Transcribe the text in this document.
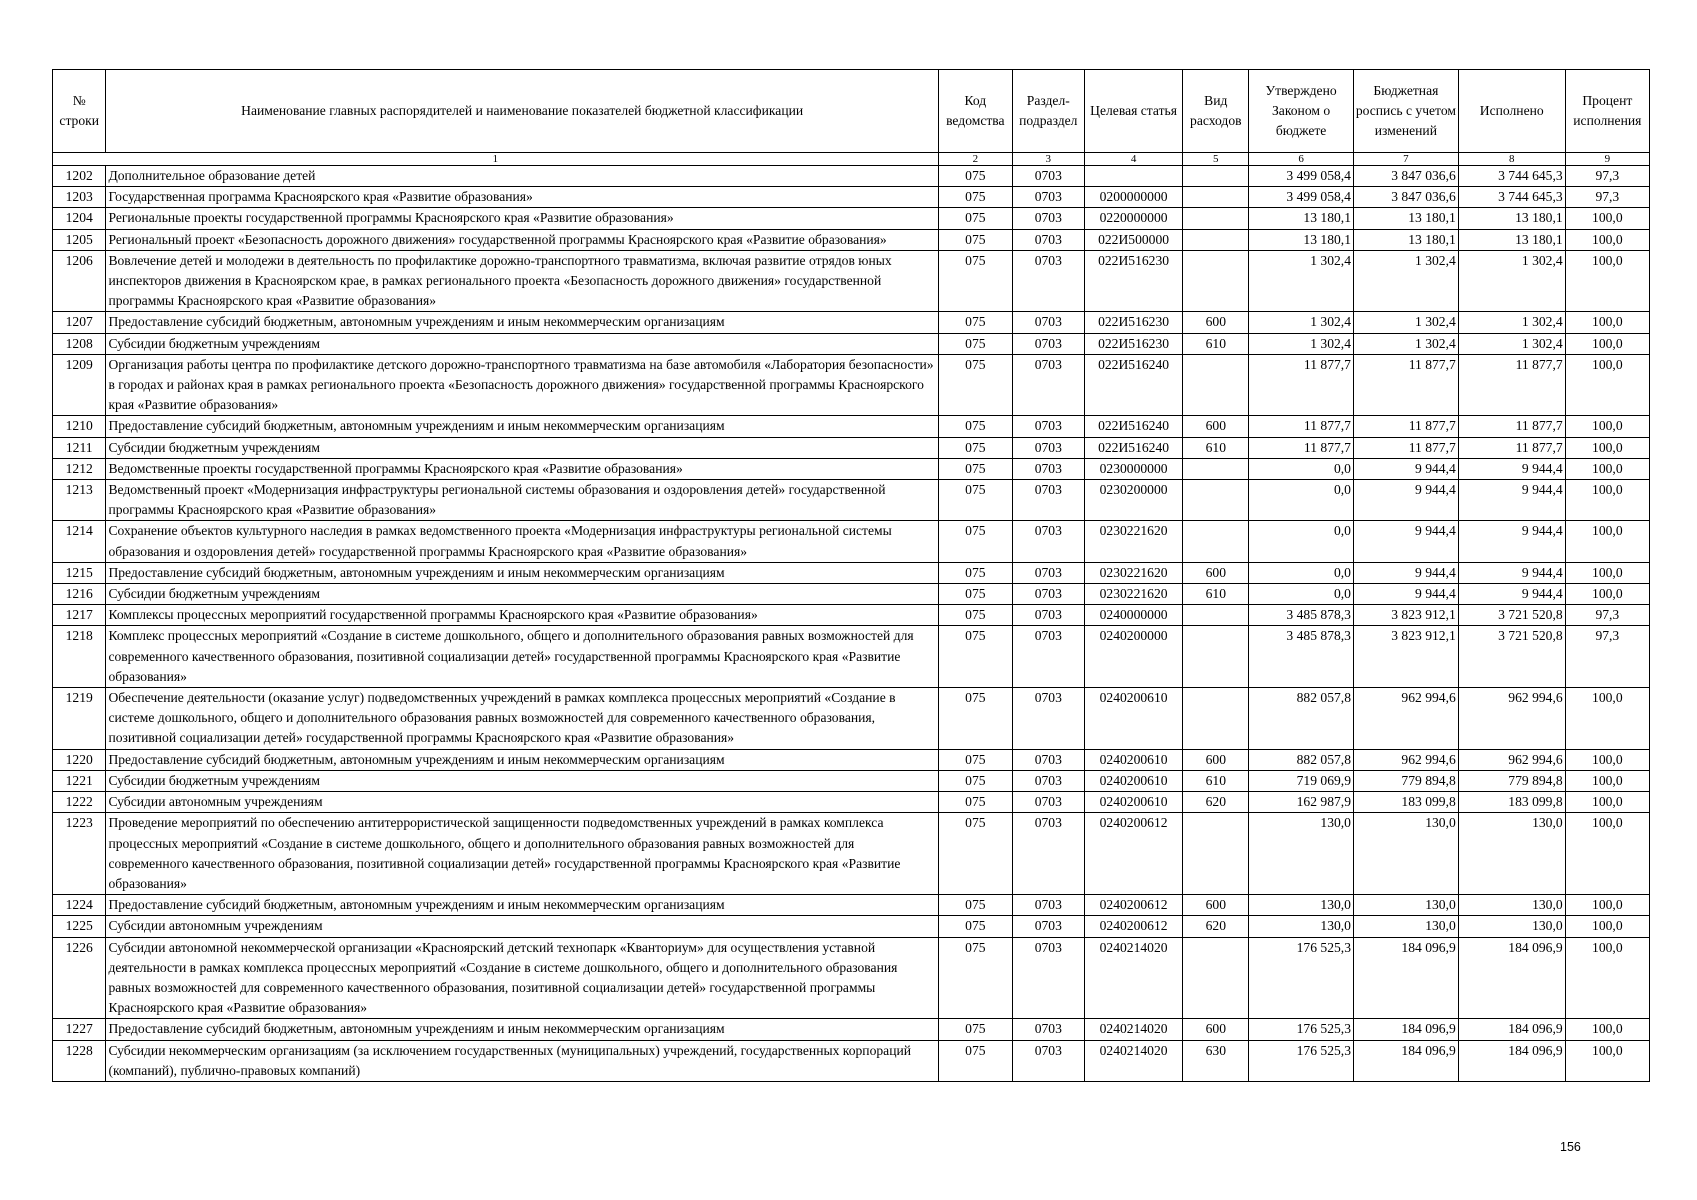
№ строки	Наименование главных распорядителей и наименование показателей бюджетной классификации	Код ведомства	Раздел-подраздел	Целевая статья	Вид расходов	Утверждено Законом о бюджете	Бюджетная роспись с учетом изменений	Исполнено	Процент исполнения
1		2	3	4	5	6	7	8	9
1202	Дополнительное образование детей	075	0703			3 499 058,4	3 847 036,6	3 744 645,3	97,3
1203	Государственная программа Красноярского края «Развитие образования»	075	0703	0200000000		3 499 058,4	3 847 036,6	3 744 645,3	97,3
1204	Региональные проекты государственной программы Красноярского края «Развитие образования»	075	0703	0220000000		13 180,1	13 180,1	13 180,1	100,0
1205	Региональный проект «Безопасность дорожного движения» государственной программы Красноярского края «Развитие образования»	075	0703	022И500000		13 180,1	13 180,1	13 180,1	100,0
1206	Вовлечение детей и молодежи в деятельность по профилактике дорожно-транспортного травматизма, включая развитие отрядов юных инспекторов движения в Красноярском крае, в рамках регионального проекта «Безопасность дорожного движения» государственной программы Красноярского края «Развитие образования»	075	0703	022И516230		1 302,4	1 302,4	1 302,4	100,0
1207	Предоставление субсидий бюджетным, автономным учреждениям и иным некоммерческим организациям	075	0703	022И516230	600	1 302,4	1 302,4	1 302,4	100,0
1208	Субсидии бюджетным учреждениям	075	0703	022И516230	610	1 302,4	1 302,4	1 302,4	100,0
1209	Организация работы центра по профилактике детского дорожно-транспортного травматизма на базе автомобиля «Лаборатория безопасности» в городах и районах края в рамках регионального проекта «Безопасность дорожного движения» государственной программы Красноярского края «Развитие образования»	075	0703	022И516240		11 877,7	11 877,7	11 877,7	100,0
1210	Предоставление субсидий бюджетным, автономным учреждениям и иным некоммерческим организациям	075	0703	022И516240	600	11 877,7	11 877,7	11 877,7	100,0
1211	Субсидии бюджетным учреждениям	075	0703	022И516240	610	11 877,7	11 877,7	11 877,7	100,0
1212	Ведомственные проекты государственной программы Красноярского края «Развитие образования»	075	0703	0230000000		0,0	9 944,4	9 944,4	100,0
1213	Ведомственный проект «Модернизация инфраструктуры региональной системы образования и оздоровления детей» государственной программы Красноярского края «Развитие образования»	075	0703	0230200000		0,0	9 944,4	9 944,4	100,0
1214	Сохранение объектов культурного наследия в рамках ведомственного проекта «Модернизация инфраструктуры региональной системы образования и оздоровления детей» государственной программы Красноярского края «Развитие образования»	075	0703	0230221620		0,0	9 944,4	9 944,4	100,0
1215	Предоставление субсидий бюджетным, автономным учреждениям и иным некоммерческим организациям	075	0703	0230221620	600	0,0	9 944,4	9 944,4	100,0
1216	Субсидии бюджетным учреждениям	075	0703	0230221620	610	0,0	9 944,4	9 944,4	100,0
1217	Комплексы процессных мероприятий государственной программы Красноярского края «Развитие образования»	075	0703	0240000000		3 485 878,3	3 823 912,1	3 721 520,8	97,3
1218	Комплекс процессных мероприятий «Создание в системе дошкольного, общего и дополнительного образования равных возможностей для современного качественного образования, позитивной социализации детей» государственной программы Красноярского края «Развитие образования»	075	0703	0240200000		3 485 878,3	3 823 912,1	3 721 520,8	97,3
1219	Обеспечение деятельности (оказание услуг) подведомственных учреждений в рамках комплекса процессных мероприятий «Создание в системе дошкольного, общего и дополнительного образования равных возможностей для современного качественного образования, позитивной социализации детей» государственной программы Красноярского края «Развитие образования»	075	0703	0240200610		882 057,8	962 994,6	962 994,6	100,0
1220	Предоставление субсидий бюджетным, автономным учреждениям и иным некоммерческим организациям	075	0703	0240200610	600	882 057,8	962 994,6	962 994,6	100,0
1221	Субсидии бюджетным учреждениям	075	0703	0240200610	610	719 069,9	779 894,8	779 894,8	100,0
1222	Субсидии автономным учреждениям	075	0703	0240200610	620	162 987,9	183 099,8	183 099,8	100,0
1223	Проведение мероприятий по обеспечению антитеррористической защищенности подведомственных учреждений в рамках комплекса процессных мероприятий «Создание в системе дошкольного, общего и дополнительного образования равных возможностей для современного качественного образования, позитивной социализации детей» государственной программы Красноярского края «Развитие образования»	075	0703	0240200612		130,0	130,0	130,0	100,0
1224	Предоставление субсидий бюджетным, автономным учреждениям и иным некоммерческим организациям	075	0703	0240200612	600	130,0	130,0	130,0	100,0
1225	Субсидии автономным учреждениям	075	0703	0240200612	620	130,0	130,0	130,0	100,0
1226	Субсидии автономной некоммерческой организации «Красноярский детский технопарк «Кванториум» для осуществления уставной деятельности в рамках комплекса процессных мероприятий «Создание в системе дошкольного, общего и дополнительного образования равных возможностей для современного качественного образования, позитивной социализации детей» государственной программы Красноярского края «Развитие образования»	075	0703	0240214020		176 525,3	184 096,9	184 096,9	100,0
1227	Предоставление субсидий бюджетным, автономным учреждениям и иным некоммерческим организациям	075	0703	0240214020	600	176 525,3	184 096,9	184 096,9	100,0
1228	Субсидии некоммерческим организациям (за исключением государственных (муниципальных) учреждений, государственных корпораций (компаний), публично-правовых компаний)	075	0703	0240214020	630	176 525,3	184 096,9	184 096,9	100,0
156
